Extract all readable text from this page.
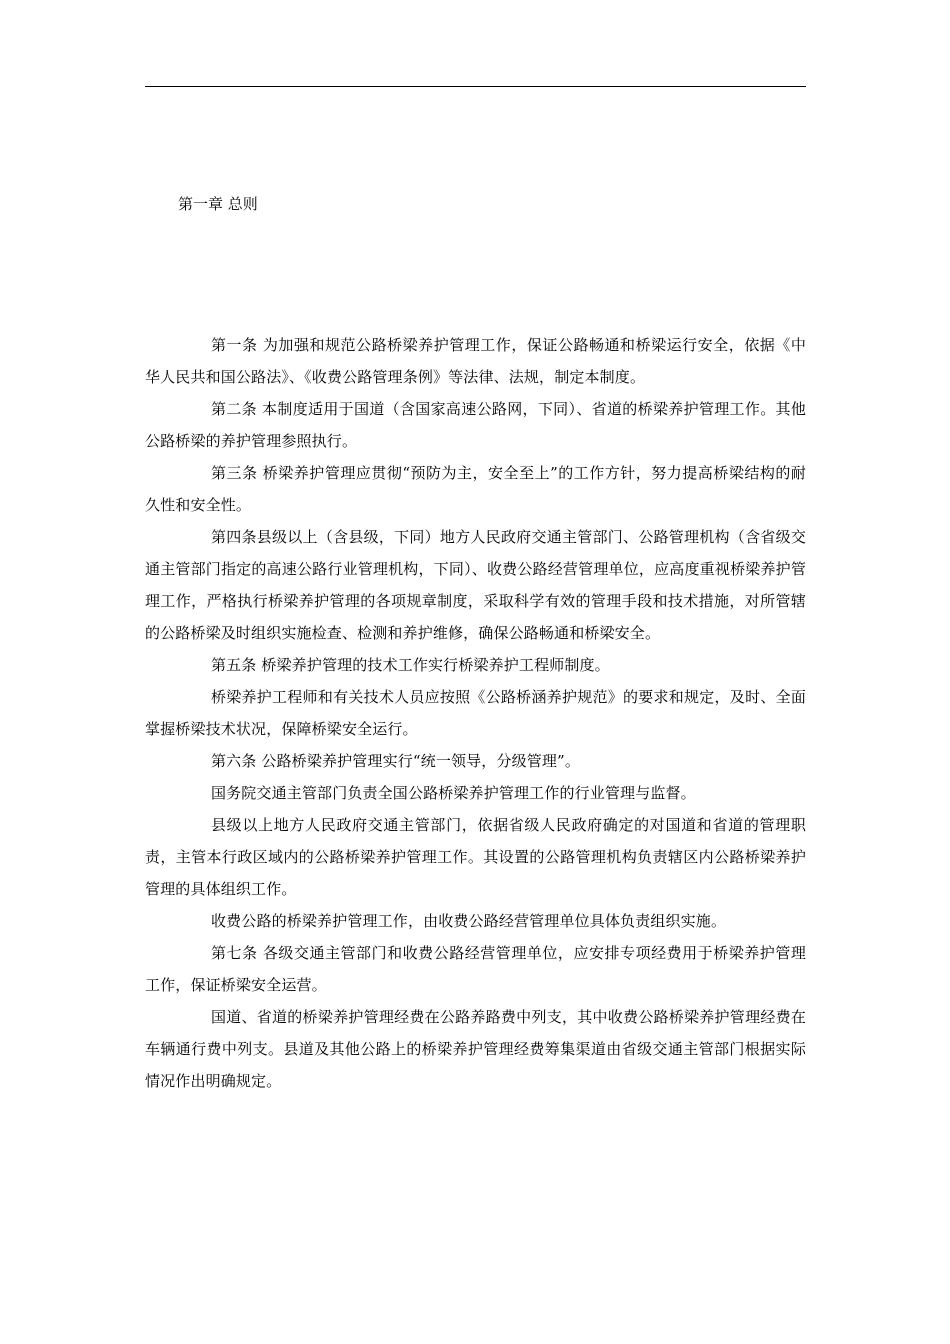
第一章 总则

第一条 为加强和规范公路桥梁养护管理工作，保证公路畅通和桥梁运行安全，依据《中华人民共和国公路法》、《收费公路管理条例》等法律、法规，制定本制度。

第二条 本制度适用于国道（含国家高速公路网，下同）、省道的桥梁养护管理工作。其他公路桥梁的养护管理参照执行。

第三条 桥梁养护管理应贯彻“预防为主，安全至上”的工作方针，努力提高桥梁结构的耐久性和安全性。

第四条县级以上（含县级，下同）地方人民政府交通主管部门、公路管理机构（含省级交通主管部门指定的高速公路行业管理机构，下同）、收费公路经营管理单位，应高度重视桥梁养护管理工作，严格执行桥梁养护管理的各项规章制度，采取科学有效的管理手段和技术措施，对所管辖的公路桥梁及时组织实施检查、检测和养护维修，确保公路畅通和桥梁安全。

第五条 桥梁养护管理的技术工作实行桥梁养护工程师制度。

桥梁养护工程师和有关技术人员应按照《公路桥涵养护规范》的要求和规定，及时、全面掌握桥梁技术状况，保障桥梁安全运行。

第六条 公路桥梁养护管理实行“统一领导，分级管理”。

国务院交通主管部门负责全国公路桥梁养护管理工作的行业管理与监督。

县级以上地方人民政府交通主管部门，依据省级人民政府确定的对国道和省道的管理职责，主管本行政区域内的公路桥梁养护管理工作。其设置的公路管理机构负责辖区内公路桥梁养护管理的具体组织工作。

收费公路的桥梁养护管理工作，由收费公路经营管理单位具体负责组织实施。

第七条 各级交通主管部门和收费公路经营管理单位，应安排专项经费用于桥梁养护管理工作，保证桥梁安全运营。

国道、省道的桥梁养护管理经费在公路养路费中列支，其中收费公路桥梁养护管理经费在车辆通行费中列支。县道及其他公路上的桥梁养护管理经费筹集渠道由省级交通主管部门根据实际情况作出明确规定。
